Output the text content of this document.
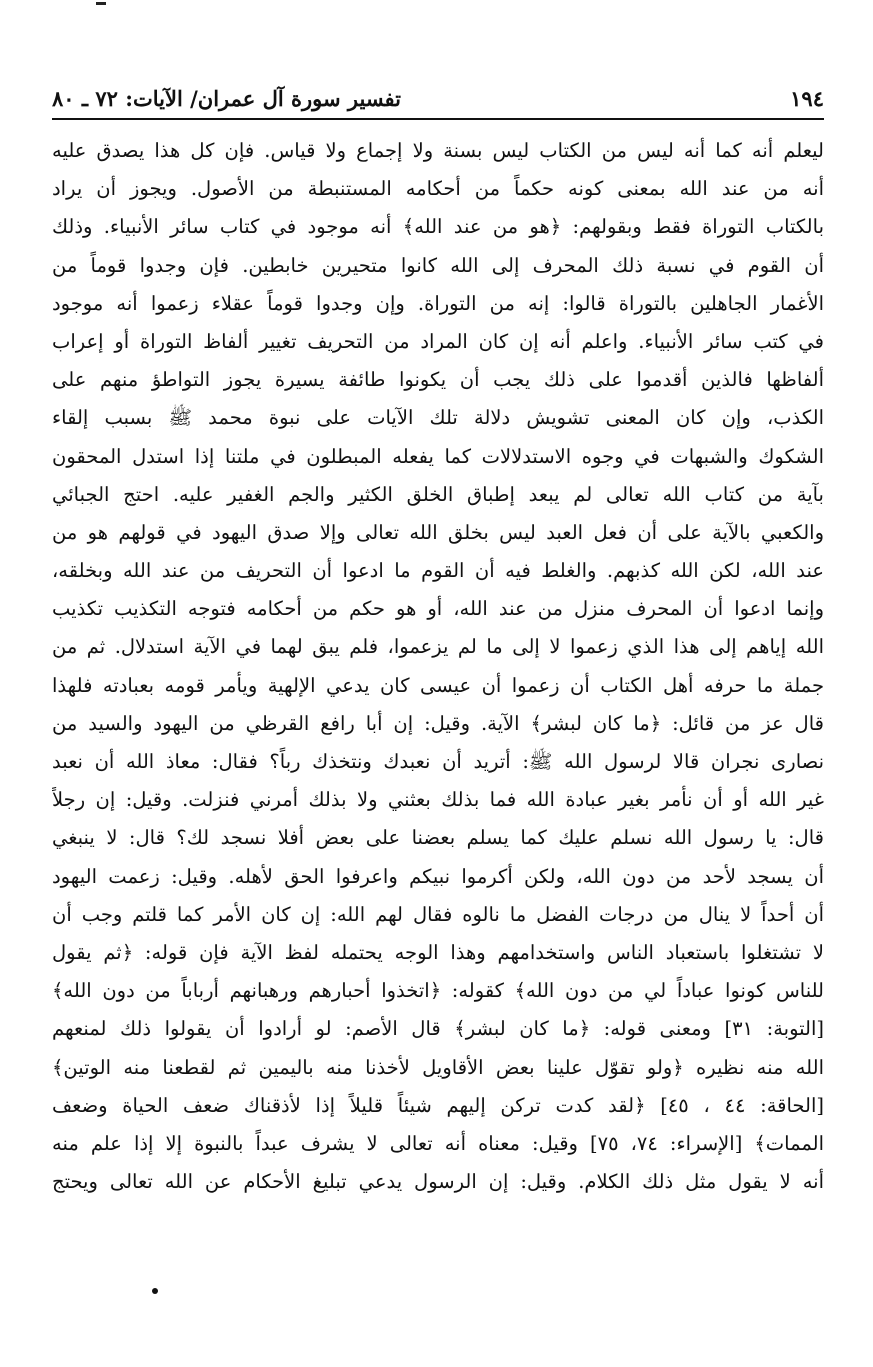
١٩٤
تفسير سورة آل عمران/ الآيات: ٧٢ ـ ٨٠
ليعلم أنه كما أنه ليس من الكتاب ليس بسنة ولا إجماع ولا قياس. فإن كل هذا يصدق عليه
أنه من عند الله بمعنى كونه حكماً من أحكامه المستنبطة من الأصول. ويجوز أن يراد
بالكتاب التوراة فقط وبقولهم: ﴿هو من عند الله﴾ أنه موجود في كتاب سائر الأنبياء. وذلك
أن القوم في نسبة ذلك المحرف إلى الله كانوا متحيرين خابطين. فإن وجدوا قوماً من
الأغمار الجاهلين بالتوراة قالوا: إنه من التوراة. وإن وجدوا قوماً عقلاء زعموا أنه موجود
في كتب سائر الأنبياء. واعلم أنه إن كان المراد من التحريف تغيير ألفاظ التوراة أو إعراب
ألفاظها فالذين أقدموا على ذلك يجب أن يكونوا طائفة يسيرة يجوز التواطؤ منهم على
الكذب، وإن كان المعنى تشويش دلالة تلك الآيات على نبوة محمد ﷺ بسبب إلقاء
الشكوك والشبهات في وجوه الاستدلالات كما يفعله المبطلون في ملتنا إذا استدل المحقون
بآية من كتاب الله تعالى لم يبعد إطباق الخلق الكثير والجم الغفير عليه. احتج الجبائي
والكعبي بالآية على أن فعل العبد ليس بخلق الله تعالى وإلا صدق اليهود في قولهم هو من
عند الله، لكن الله كذبهم. والغلط فيه أن القوم ما ادعوا أن التحريف من عند الله وبخلقه،
وإنما ادعوا أن المحرف منزل من عند الله، أو هو حكم من أحكامه فتوجه التكذيب تكذيب
الله إياهم إلى هذا الذي زعموا لا إلى ما لم يزعموا، فلم يبق لهما في الآية استدلال. ثم من
جملة ما حرفه أهل الكتاب أن زعموا أن عيسى كان يدعي الإلهية ويأمر قومه بعبادته فلهذا
قال عز من قائل: ﴿ما كان لبشر﴾ الآية. وقيل: إن أبا رافع القرظي من اليهود والسيد من
نصارى نجران قالا لرسول الله ﷺ: أتريد أن نعبدك ونتخذك رباً؟ فقال: معاذ الله أن نعبد
غير الله أو أن نأمر بغير عبادة الله فما بذلك بعثني ولا بذلك أمرني فنزلت. وقيل: إن رجلاً
قال: يا رسول الله نسلم عليك كما يسلم بعضنا على بعض أفلا نسجد لك؟ قال: لا ينبغي
أن يسجد لأحد من دون الله، ولكن أكرموا نبيكم واعرفوا الحق لأهله. وقيل: زعمت اليهود
أن أحداً لا ينال من درجات الفضل ما نالوه فقال لهم الله: إن كان الأمر كما قلتم وجب أن
لا تشتغلوا باستعباد الناس واستخدامهم وهذا الوجه يحتمله لفظ الآية فإن قوله: ﴿ثم يقول
للناس كونوا عباداً لي من دون الله﴾ كقوله: ﴿اتخذوا أحبارهم ورهبانهم أرباباً من دون الله﴾
[التوبة: ٣١] ومعنى قوله: ﴿ما كان لبشر﴾ قال الأصم: لو أرادوا أن يقولوا ذلك لمنعهم
الله منه نظيره ﴿ولو تقوّل علينا بعض الأقاويل لأخذنا منه باليمين ثم لقطعنا منه الوتين﴾
[الحاقة: ٤٤ ، ٤٥] ﴿لقد كدت تركن إليهم شيئاً قليلاً إذا لأذقناك ضعف الحياة وضعف
الممات﴾ [الإسراء: ٧٤، ٧٥] وقيل: معناه أنه تعالى لا يشرف عبداً بالنبوة إلا إذا علم منه
أنه لا يقول مثل ذلك الكلام. وقيل: إن الرسول يدعي تبليغ الأحكام عن الله تعالى ويحتج
